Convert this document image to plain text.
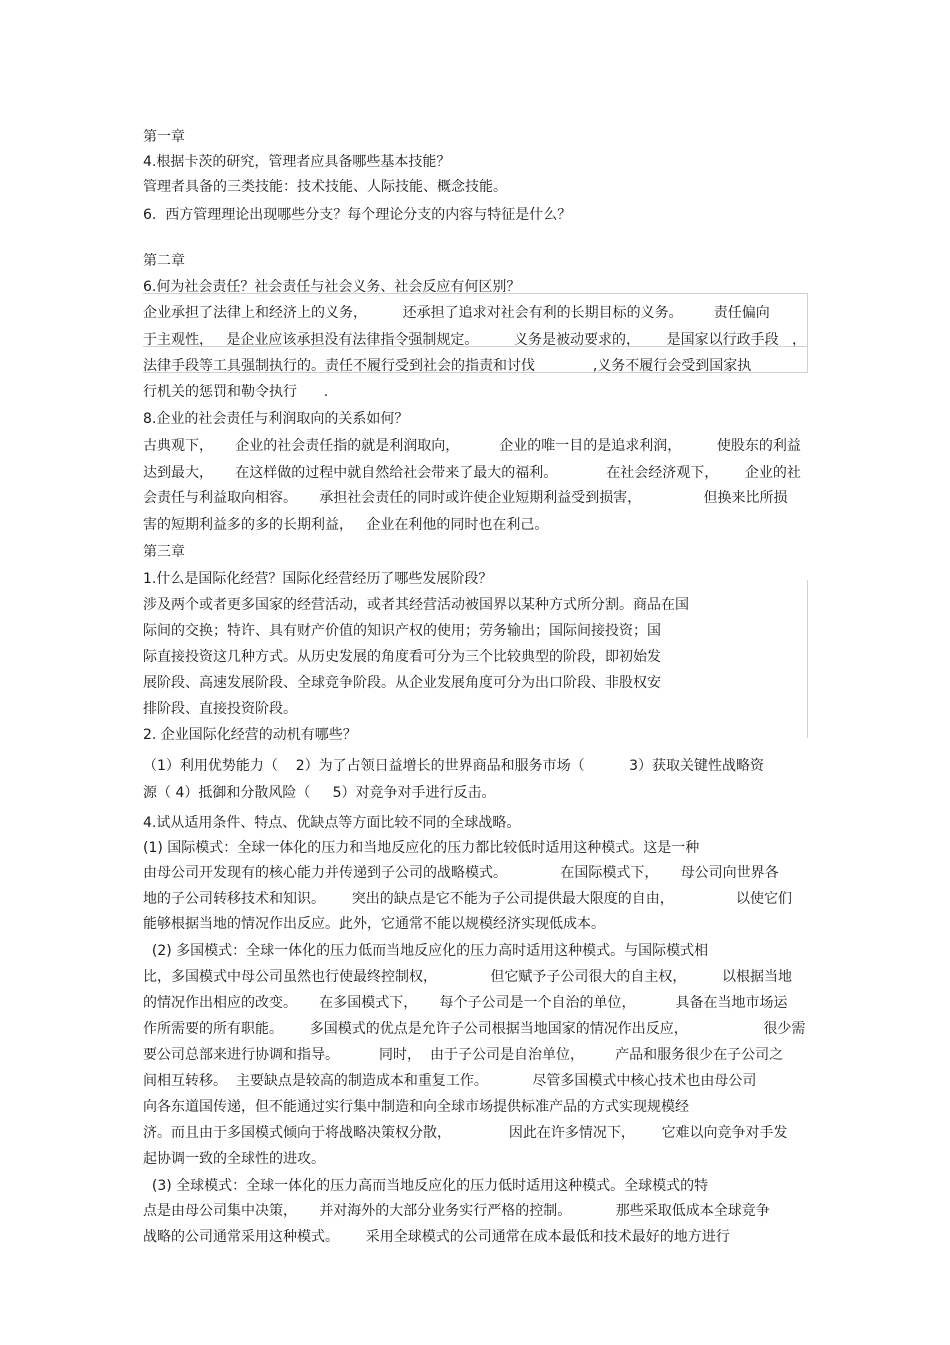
第一章
4.根据卡茨的研究，管理者应具备哪些基本技能？
管理者具备的三类技能：技术技能、人际技能、概念技能。
6.  西方管理理论出现哪些分支？每个理论分支的内容与特征是什么？
第二章
6.何为社会责任？社会责任与社会义务、社会反应有何区别？
企业承担了法律上和经济上的义务，        还承担了追求对社会有利的长期目标的义务。       责任偏向
于主观性，   是企业应该承担没有法律指令强制规定。        义务是被动要求的，      是国家以行政手段   ，
法律手段等工具强制执行的。责任不履行受到社会的指责和讨伐             ,义务不履行会受到国家执
行机关的惩罚和勒令执行      .
8.企业的社会责任与利润取向的关系如何？
古典观下，     企业的社会责任指的就是利润取向，         企业的唯一目的是追求利润，        使股东的利益
达到最大，     在这样做的过程中就自然给社会带来了最大的福利。           在社会经济观下，      企业的社
会责任与利益取向相容。     承担社会责任的同时或许使企业短期利益受到损害，              但换来比所损
害的短期利益多的多的长期利益，   企业在利他的同时也在利己。
第三章
1.什么是国际化经营？国际化经营经历了哪些发展阶段？
涉及两个或者更多国家的经营活动，或者其经营活动被国界以某种方式所分割。商品在国
际间的交换；特许、具有财产价值的知识产权的使用；劳务输出；国际间接投资；国
际直接投资这几种方式。从历史发展的角度看可分为三个比较典型的阶段，即初始发
展阶段、高速发展阶段、全球竞争阶段。从企业发展角度可分为出口阶段、非股权安
排阶段、直接投资阶段。
2. 企业国际化经营的动机有哪些？
（1）利用优势能力（    2）为了占领日益增长的世界商品和服务市场（          3）获取关键性战略资
源（ 4）抵御和分散风险（     5）对竞争对手进行反击。
4.试从适用条件、特点、优缺点等方面比较不同的全球战略。
(1) 国际模式：全球一体化的压力和当地反应化的压力都比较低时适用这种模式。这是一种
由母公司开发现有的核心能力并传递到子公司的战略模式。            在国际模式下，     母公司向世界各
地的子公司转移技术和知识。      突出的缺点是它不能为子公司提供最大限度的自由，              以使它们
能够根据当地的情况作出反应。此外，它通常不能以规模经济实现低成本。
(2) 多国模式：全球一体化的压力低而当地反应化的压力高时适用这种模式。与国际模式相
比，多国模式中母公司虽然也行使最终控制权，            但它赋予子公司很大的自主权，        以根据当地
的情况作出相应的改变。     在多国模式下，     每个子公司是一个自治的单位，         具备在当地市场运
作所需要的所有职能。      多国模式的优点是允许子公司根据当地国家的情况作出反应，                 很少需
要公司总部来进行协调和指导。         同时，  由于子公司是自治单位，       产品和服务很少在子公司之
间相互转移。  主要缺点是较高的制造成本和重复工作。          尽管多国模式中核心技术也由母公司
向各东道国传递，但不能通过实行集中制造和向全球市场提供标准产品的方式实现规模经
济。而且由于多国模式倾向于将战略决策权分散，             因此在许多情况下，      它难以向竞争对手发
起协调一致的全球性的进攻。
(3) 全球模式：全球一体化的压力高而当地反应化的压力低时适用这种模式。全球模式的特
点是由母公司集中决策，     并对海外的大部分业务实行严格的控制。          那些采取低成本全球竞争
战略的公司通常采用这种模式。      采用全球模式的公司通常在成本最低和技术最好的地方进行
